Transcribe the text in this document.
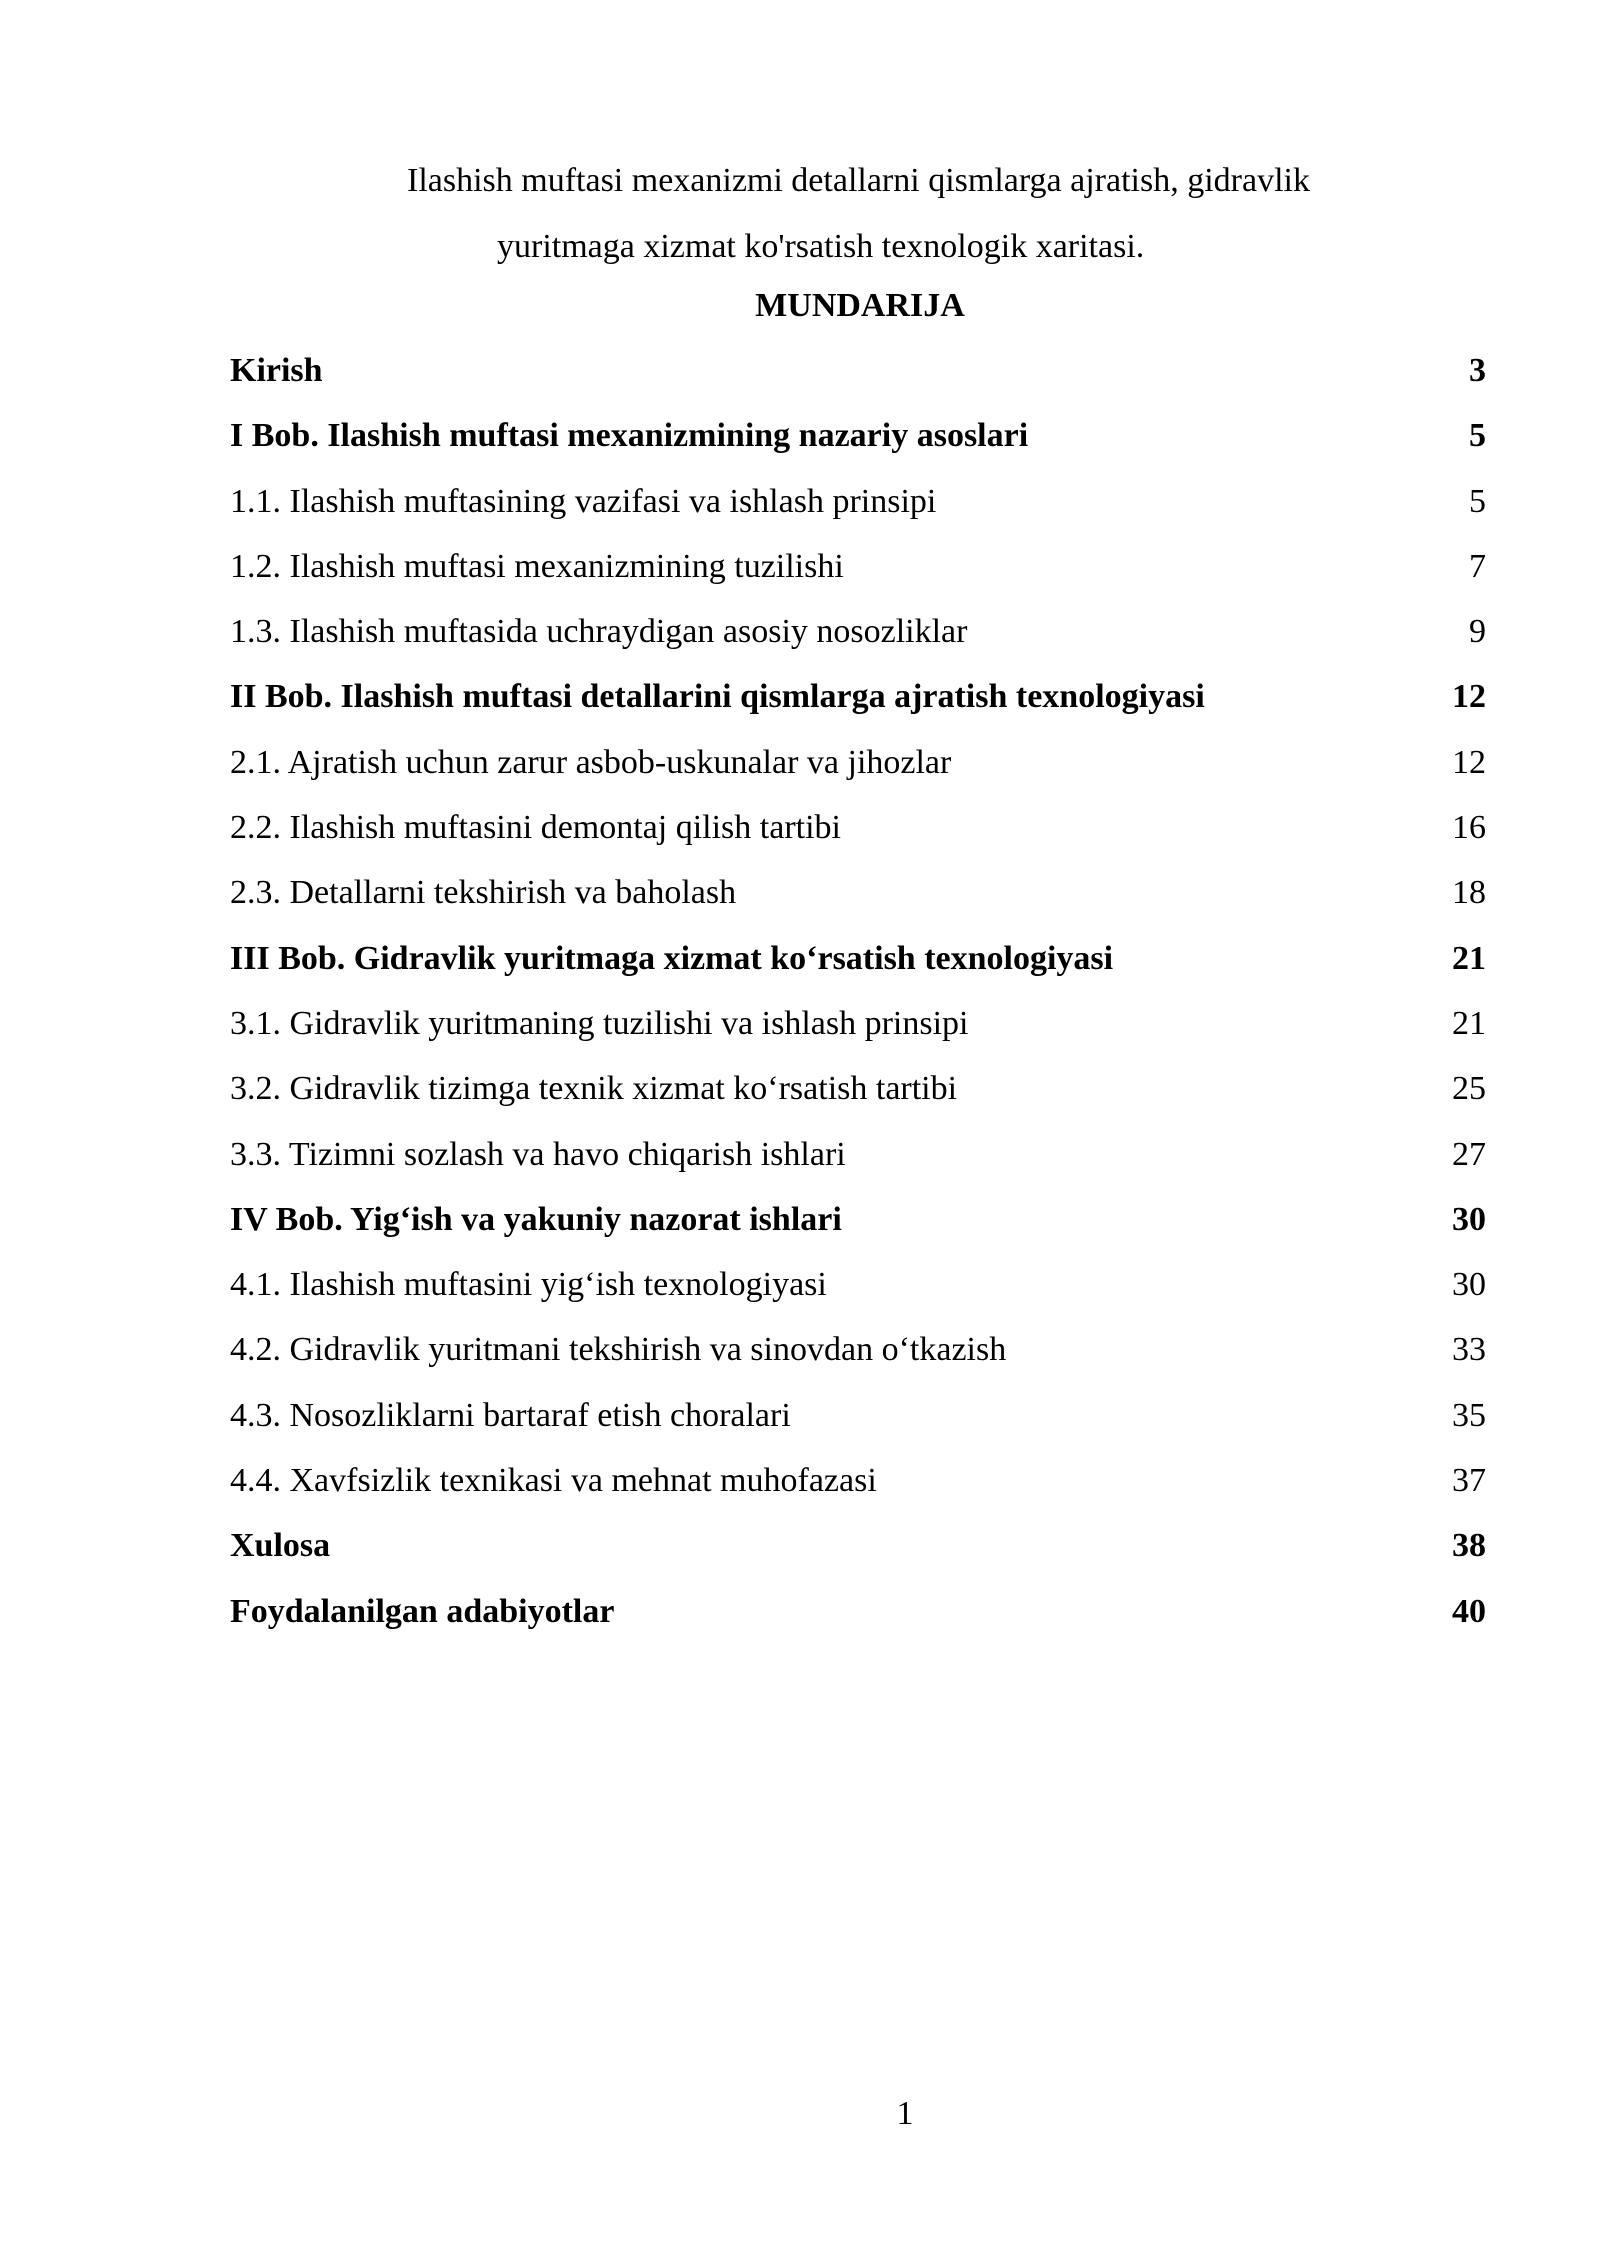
Ilashish muftasi mexanizmi detallarni qismlarga ajratish, gidravlik
yuritmaga xizmat ko'rsatish texnologik xaritasi.
MUNDARIJA
Kirish	3
I Bob. Ilashish muftasi mexanizmining nazariy asoslari	5
1.1. Ilashish muftasining vazifasi va ishlash prinsipi	5
1.2. Ilashish muftasi mexanizmining tuzilishi	7
1.3. Ilashish muftasida uchraydigan asosiy nosozliklar	9
II Bob. Ilashish muftasi detallarini qismlarga ajratish texnologiyasi	12
2.1. Ajratish uchun zarur asbob-uskunalar va jihozlar	12
2.2. Ilashish muftasini demontaj qilish tartibi	16
2.3. Detallarni tekshirish va baholash	18
III Bob. Gidravlik yuritmaga xizmat ko‘rsatish texnologiyasi	21
3.1. Gidravlik yuritmaning tuzilishi va ishlash prinsipi	21
3.2. Gidravlik tizimga texnik xizmat ko‘rsatish tartibi	25
3.3. Tizimni sozlash va havo chiqarish ishlari	27
IV Bob. Yig‘ish va yakuniy nazorat ishlari	30
4.1. Ilashish muftasini yig‘ish texnologiyasi	30
4.2. Gidravlik yuritmani tekshirish va sinovdan o‘tkazish	33
4.3. Nosozliklarni bartaraf etish choralari	35
4.4. Xavfsizlik texnikasi va mehnat muhofazasi	37
Xulosa	38
Foydalanilgan adabiyotlar	40
1
